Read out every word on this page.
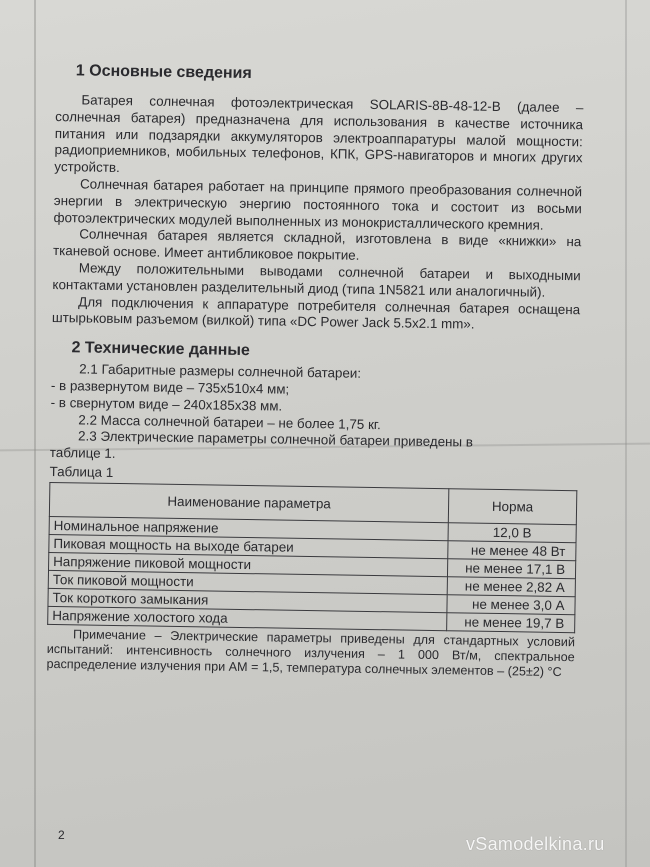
1 Основные сведения

Батарея солнечная фотоэлектрическая SOLARIS-8В-48-12-В (далее – солнечная батарея) предназначена для использования в качестве источника питания или подзарядки аккумуляторов электроаппаратуры малой мощности: радиоприемников, мобильных телефонов, КПК, GPS-навигаторов и многих других устройств.

Солнечная батарея работает на принципе прямого преобразования солнечной энергии в электрическую энергию постоянного тока и состоит из восьми фотоэлектрических модулей выполненных из монокристаллического кремния.

Солнечная батарея является складной, изготовлена в виде «книжки» на тканевой основе. Имеет антибликовое покрытие.

Между положительными выводами солнечной батареи и выходными контактами установлен разделительный диод (типа 1N5821 или аналогичный).

Для подключения к аппаратуре потребителя солнечная батарея оснащена штырьковым разъемом (вилкой) типа «DC Power Jack 5.5х2.1 mm».

2 Технические данные
2.1 Габаритные размеры солнечной батареи:
- в развернутом виде – 735х510х4 мм;
- в свернутом виде – 240х185х38 мм.
2.2 Масса солнечной батареи – не более 1,75 кг.
2.3 Электрические параметры солнечной батареи приведены в
таблице 1.
Таблица 1
Наименование параметра	Норма
Номинальное напряжение	12,0 В
Пиковая мощность на выходе батареи	не менее 48 Вт
Напряжение пиковой мощности	не менее 17,1 В
Ток пиковой мощности	не менее 2,82 А
Ток короткого замыкания	не менее 3,0 А
Напряжение холостого хода	не менее 19,7 В

Примечание – Электрические параметры приведены для стандартных условий испытаний: интенсивность солнечного излучения – 1 000 Вт/м, спектральное распределение излучения при АМ = 1,5, температура солнечных элементов – (25±2) °С

2	vSamodelkina.ru
